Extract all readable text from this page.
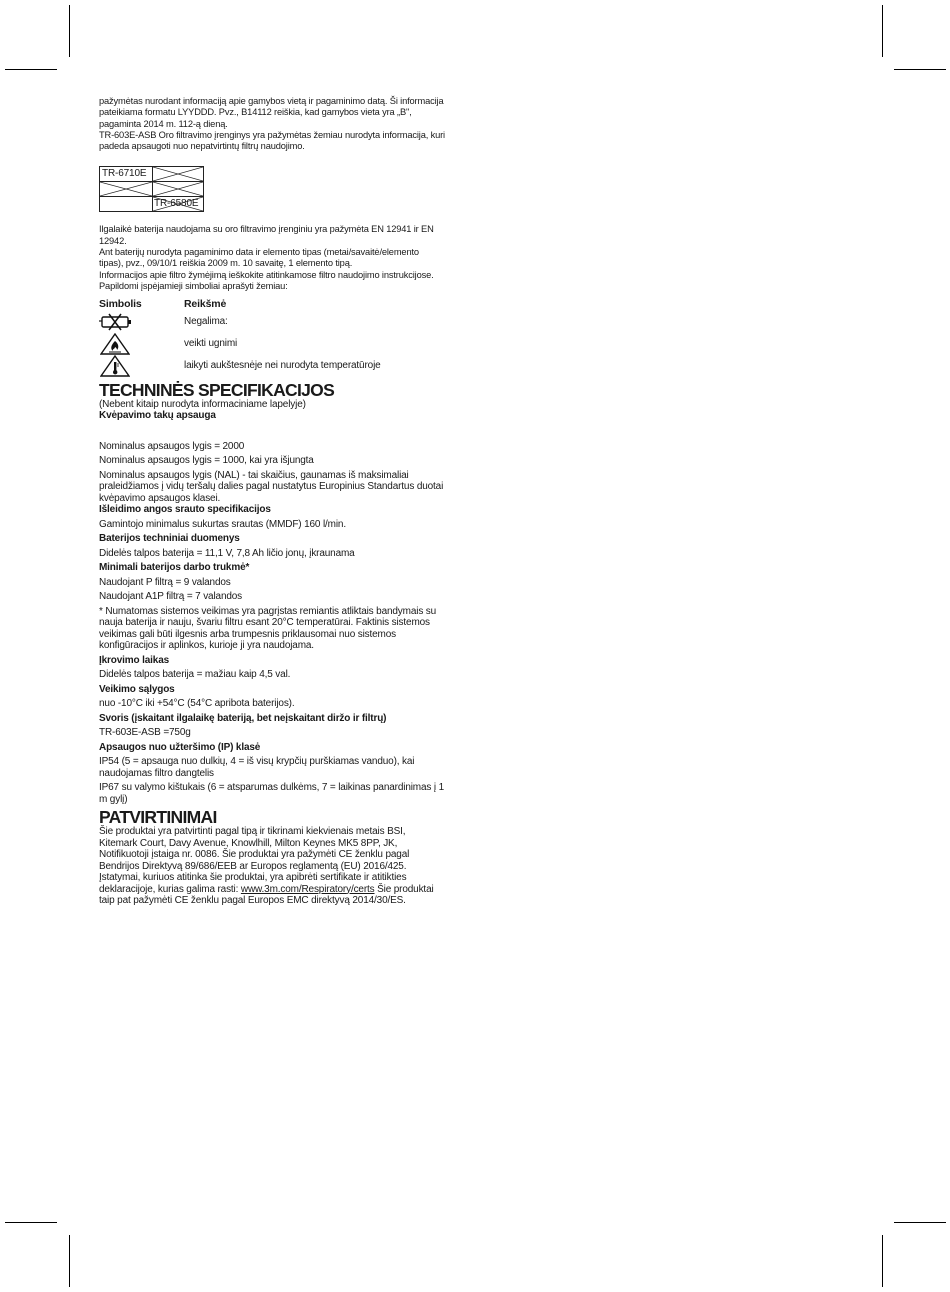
pažymėtas nurodant informaciją apie gamybos vietą ir pagaminimo datą. Ši informacija pateikiama formatu LYYDDD. Pvz., B14112 reiškia, kad gamybos vieta yra „B", pagaminta 2014 m. 112-ą dieną.

TR-603E-ASB Oro filtravimo įrenginys yra pažymėtas žemiau nurodyta informacija, kuri padeda apsaugoti nuo nepatvirtintų filtrų naudojimo.

TR-6710E	

TR-6580E

Ilgalaikė baterija naudojama su oro filtravimo įrenginiu yra pažymėta EN 12941 ir EN 12942.

Ant baterijų nurodyta pagaminimo data ir elemento tipas (metai/savaitė/elemento tipas), pvz., 09/10/1 reiškia 2009 m. 10 savaitę, 1 elemento tipą.

Informacijos apie filtro žymėjimą ieškokite atitinkamose filtro naudojimo instrukcijose.

Papildomi įspėjamieji simboliai aprašyti žemiau:

Simbolis	Reikšmė
Negalima:
veikti ugnimi
laikyti aukštesnėje nei nurodyta temperatūroje
TECHNINĖS SPECIFIKACIJOS

(Nebent kitaip nurodyta informaciniame lapelyje)

Kvėpavimo takų apsauga

Nominalus apsaugos lygis = 2000

Nominalus apsaugos lygis = 1000, kai yra išjungta

Nominalus apsaugos lygis (NAL) - tai skaičius, gaunamas iš maksimaliai praleidžiamos į vidų teršalų dalies pagal nustatytus Europinius Standartus duotai kvėpavimo apsaugos klasei.

Išleidimo angos srauto specifikacijos

Gamintojo minimalus sukurtas srautas (MMDF) 160 l/min.

Baterijos techniniai duomenys

Didelės talpos baterija = 11,1 V, 7,8 Ah ličio jonų, įkraunama

Minimali baterijos darbo trukmė*

Naudojant P filtrą = 9 valandos

Naudojant A1P filtrą = 7 valandos

* Numatomas sistemos veikimas yra pagrįstas remiantis atliktais bandymais su nauja baterija ir nauju, švariu filtru esant 20°C temperatūrai. Faktinis sistemos veikimas gali būti ilgesnis arba trumpesnis priklausomai nuo sistemos konfigūracijos ir aplinkos, kurioje ji yra naudojama.

Įkrovimo laikas

Didelės talpos baterija = mažiau kaip 4,5 val.

Veikimo sąlygos

nuo -10°C iki +54°C (54°C apribota baterijos).

Svoris (įskaitant ilgalaikę bateriją, bet neįskaitant diržo ir filtrų)

TR-603E-ASB =750g

Apsaugos nuo užteršimo (IP) klasė

IP54 (5 = apsauga nuo dulkių, 4 = iš visų krypčių purškiamas vanduo), kai naudojamas filtro dangtelis

IP67 su valymo kištukais (6 = atsparumas dulkėms, 7 = laikinas panardinimas į 1 m gylį)

PATVIRTINIMAI

Šie produktai yra patvirtinti pagal tipą ir tikrinami kiekvienais metais BSI, Kitemark Court, Davy Avenue, Knowlhill, Milton Keynes MK5 8PP, JK, Notifikuotoji įstaiga nr. 0086. Šie produktai yra pažymėti CE ženklu pagal Bendrijos Direktyvą 89/686/EEB ar Europos reglamentą (EU) 2016/425. Įstatymai, kuriuos atitinka šie produktai, yra apibrėti sertifikate ir atitikties deklaracijoje, kurias galima rasti: www.3m.com/Respiratory/certs Šie produktai taip pat pažymėti CE ženklu pagal Europos EMC direktyvą 2014/30/ES.
